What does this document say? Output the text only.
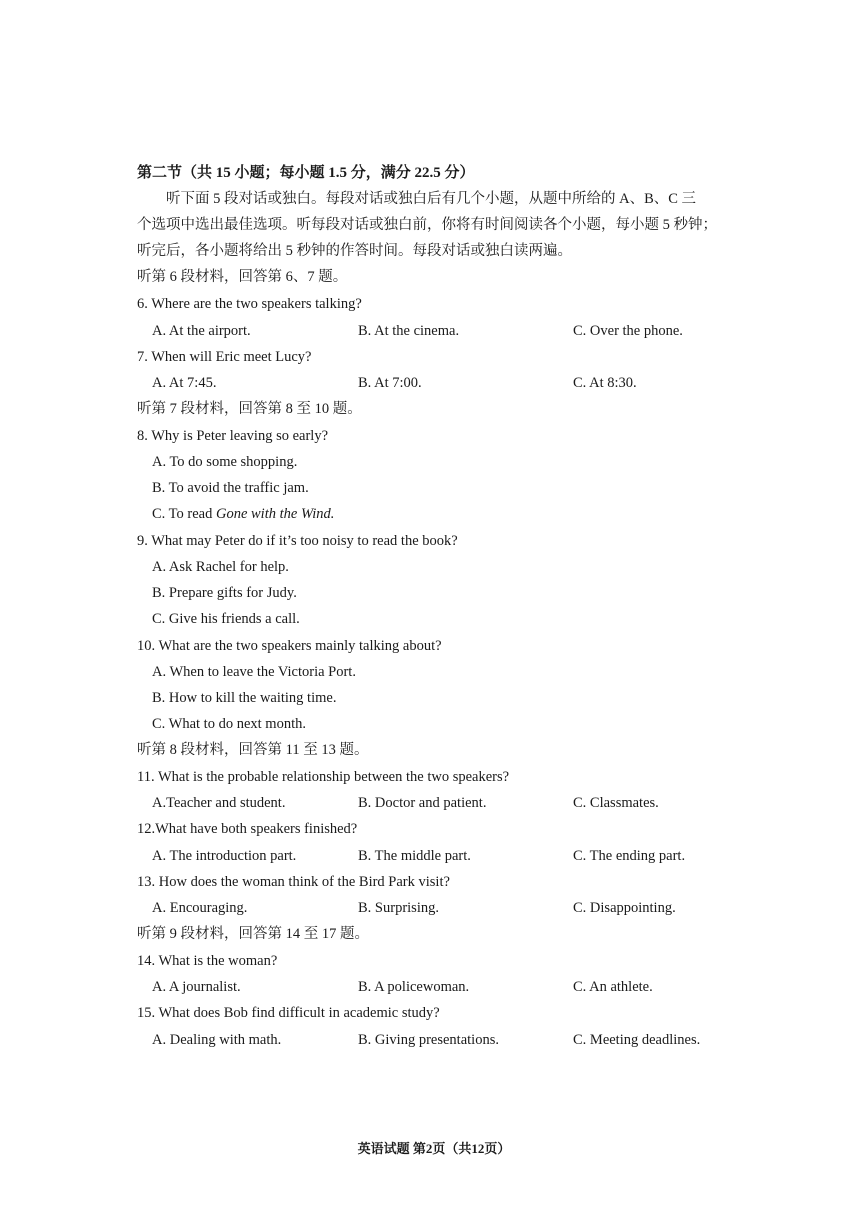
第二节（共 15 小题；每小题 1.5 分，满分 22.5 分）
　　听下面 5 段对话或独白。每段对话或独白后有几个小题，从题中所给的 A、B、C 三
个选项中选出最佳选项。听每段对话或独白前，你将有时间阅读各个小题，每小题 5 秒钟；
听完后，各小题将给出 5 秒钟的作答时间。每段对话或独白读两遍。
听第 6 段材料，回答第 6、7 题。
6. Where are the two speakers talking?
A. At the airport.	B. At the cinema.	C. Over the phone.
7. When will Eric meet Lucy?
A. At 7:45.	B. At 7:00.	C. At 8:30.
听第 7 段材料，回答第 8 至 10 题。
8. Why is Peter leaving so early?
A. To do some shopping.
B. To avoid the traffic jam.
C. To read Gone with the Wind.
9. What may Peter do if it’s too noisy to read the book?
A. Ask Rachel for help.
B. Prepare gifts for Judy.
C. Give his friends a call.
10. What are the two speakers mainly talking about?
A. When to leave the Victoria Port.
B. How to kill the waiting time.
C. What to do next month.
听第 8 段材料，回答第 11 至 13 题。
11. What is the probable relationship between the two speakers?
A.Teacher and student.	B. Doctor and patient.	C. Classmates.
12.What have both speakers finished?
A. The introduction part.	B. The middle part.	C. The ending part.
13. How does the woman think of the Bird Park visit?
A. Encouraging.	B. Surprising.	C. Disappointing.
听第 9 段材料，回答第 14 至 17 题。
14. What is the woman?
A. A journalist.	B. A policewoman.	C. An athlete.
15. What does Bob find difficult in academic study?
A. Dealing with math.	B. Giving presentations.	C. Meeting deadlines.
英语试题 第2页（共12页）
